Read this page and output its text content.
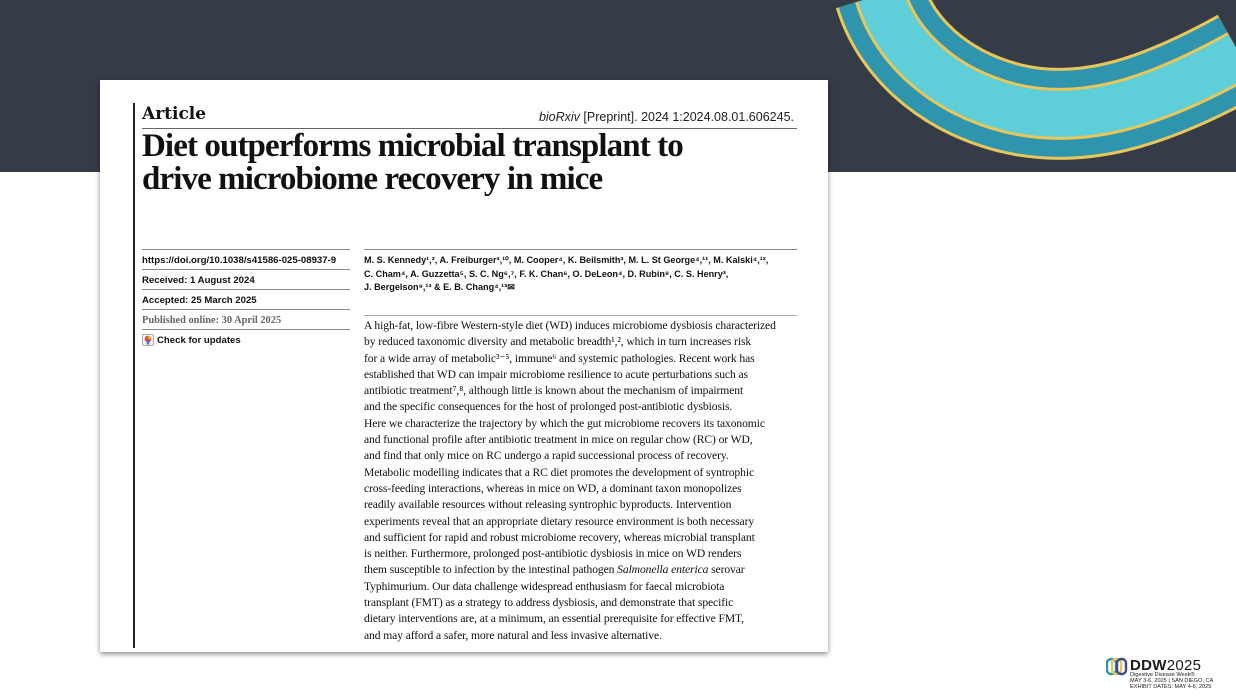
Article	bioRxiv [Preprint]. 2024 1:2024.08.01.606245.
Diet outperforms microbial transplant to
drive microbiome recovery in mice
https://doi.org/10.1038/s41586-025-08937-9
Received: 1 August 2024
Accepted: 25 March 2025
Published online: 30 April 2025
Check for updates
M. S. Kennedy¹,², A. Freiburger³,¹⁰, M. Cooper⁴, K. Beilsmith³, M. L. St George⁴,¹¹, M. Kalski⁴,¹²,
C. Cham⁴, A. Guzzetta⁵, S. C. Ng⁶,⁷, F. K. Chan⁶, O. DeLeon⁴, D. Rubin⁸, C. S. Henry³,
J. Bergelson⁹,¹³ & E. B. Chang⁴,¹³✉
A high-fat, low-fibre Western-style diet (WD) induces microbiome dysbiosis characterized
by reduced taxonomic diversity and metabolic breadth¹,², which in turn increases risk
for a wide array of metabolic³⁻⁵, immune⁶ and systemic pathologies. Recent work has
established that WD can impair microbiome resilience to acute perturbations such as
antibiotic treatment⁷,⁸, although little is known about the mechanism of impairment
and the specific consequences for the host of prolonged post-antibiotic dysbiosis.
Here we characterize the trajectory by which the gut microbiome recovers its taxonomic
and functional profile after antibiotic treatment in mice on regular chow (RC) or WD,
and find that only mice on RC undergo a rapid successional process of recovery.
Metabolic modelling indicates that a RC diet promotes the development of syntrophic
cross-feeding interactions, whereas in mice on WD, a dominant taxon monopolizes
readily available resources without releasing syntrophic byproducts. Intervention
experiments reveal that an appropriate dietary resource environment is both necessary
and sufficient for rapid and robust microbiome recovery, whereas microbial transplant
is neither. Furthermore, prolonged post-antibiotic dysbiosis in mice on WD renders
them susceptible to infection by the intestinal pathogen Salmonella enterica serovar
Typhimurium. Our data challenge widespread enthusiasm for faecal microbiota
transplant (FMT) as a strategy to address dysbiosis, and demonstrate that specific
dietary interventions are, at a minimum, an essential prerequisite for effective FMT,
and may afford a safer, more natural and less invasive alternative.
DDW2025
Digestive Disease Week®
MAY 3-6, 2025 | SAN DIEGO, CA
EXHIBIT DATES: MAY 4-6, 2025
